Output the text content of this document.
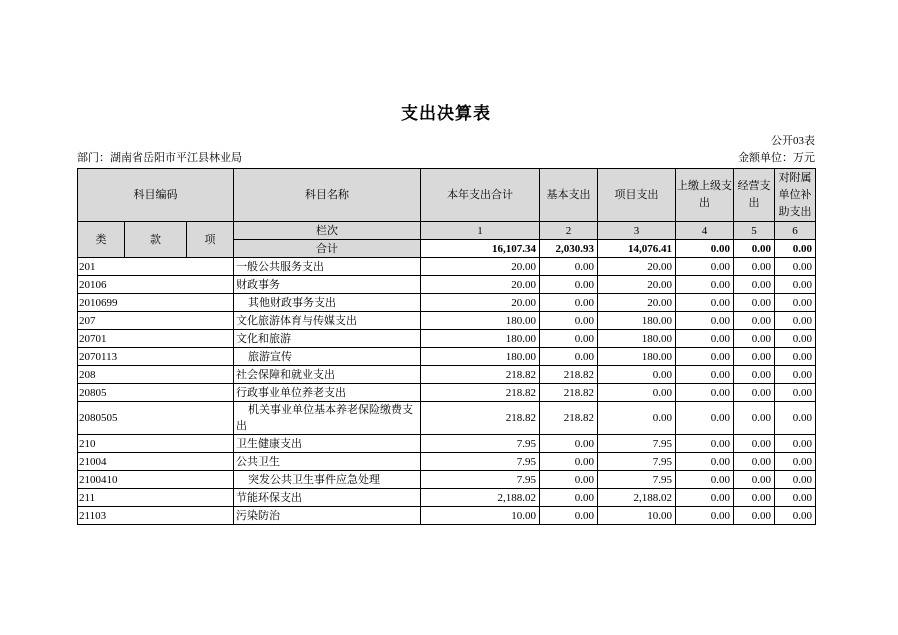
支出决算表
公开03表
部门：湖南省岳阳市平江县林业局	金额单位：万元
科目编码			科目名称	本年支出合计	基本支出	项目支出	上缴上级支出	经营支出	对附属单位补助支出
类	款	项	栏次	1	2	3	4	5	6
			合计	16,107.34	2,030.93	14,076.41	0.00	0.00	0.00
201			一般公共服务支出	20.00	0.00	20.00	0.00	0.00	0.00
20106			财政事务	20.00	0.00	20.00	0.00	0.00	0.00
2010699			其他财政事务支出	20.00	0.00	20.00	0.00	0.00	0.00
207			文化旅游体育与传媒支出	180.00	0.00	180.00	0.00	0.00	0.00
20701			文化和旅游	180.00	0.00	180.00	0.00	0.00	0.00
2070113			旅游宣传	180.00	0.00	180.00	0.00	0.00	0.00
208			社会保障和就业支出	218.82	218.82	0.00	0.00	0.00	0.00
20805			行政事业单位养老支出	218.82	218.82	0.00	0.00	0.00	0.00
2080505			机关事业单位基本养老保险缴费支出	218.82	218.82	0.00	0.00	0.00	0.00
210			卫生健康支出	7.95	0.00	7.95	0.00	0.00	0.00
21004			公共卫生	7.95	0.00	7.95	0.00	0.00	0.00
2100410			突发公共卫生事件应急处理	7.95	0.00	7.95	0.00	0.00	0.00
211			节能环保支出	2,188.02	0.00	2,188.02	0.00	0.00	0.00
21103			污染防治	10.00	0.00	10.00	0.00	0.00	0.00
